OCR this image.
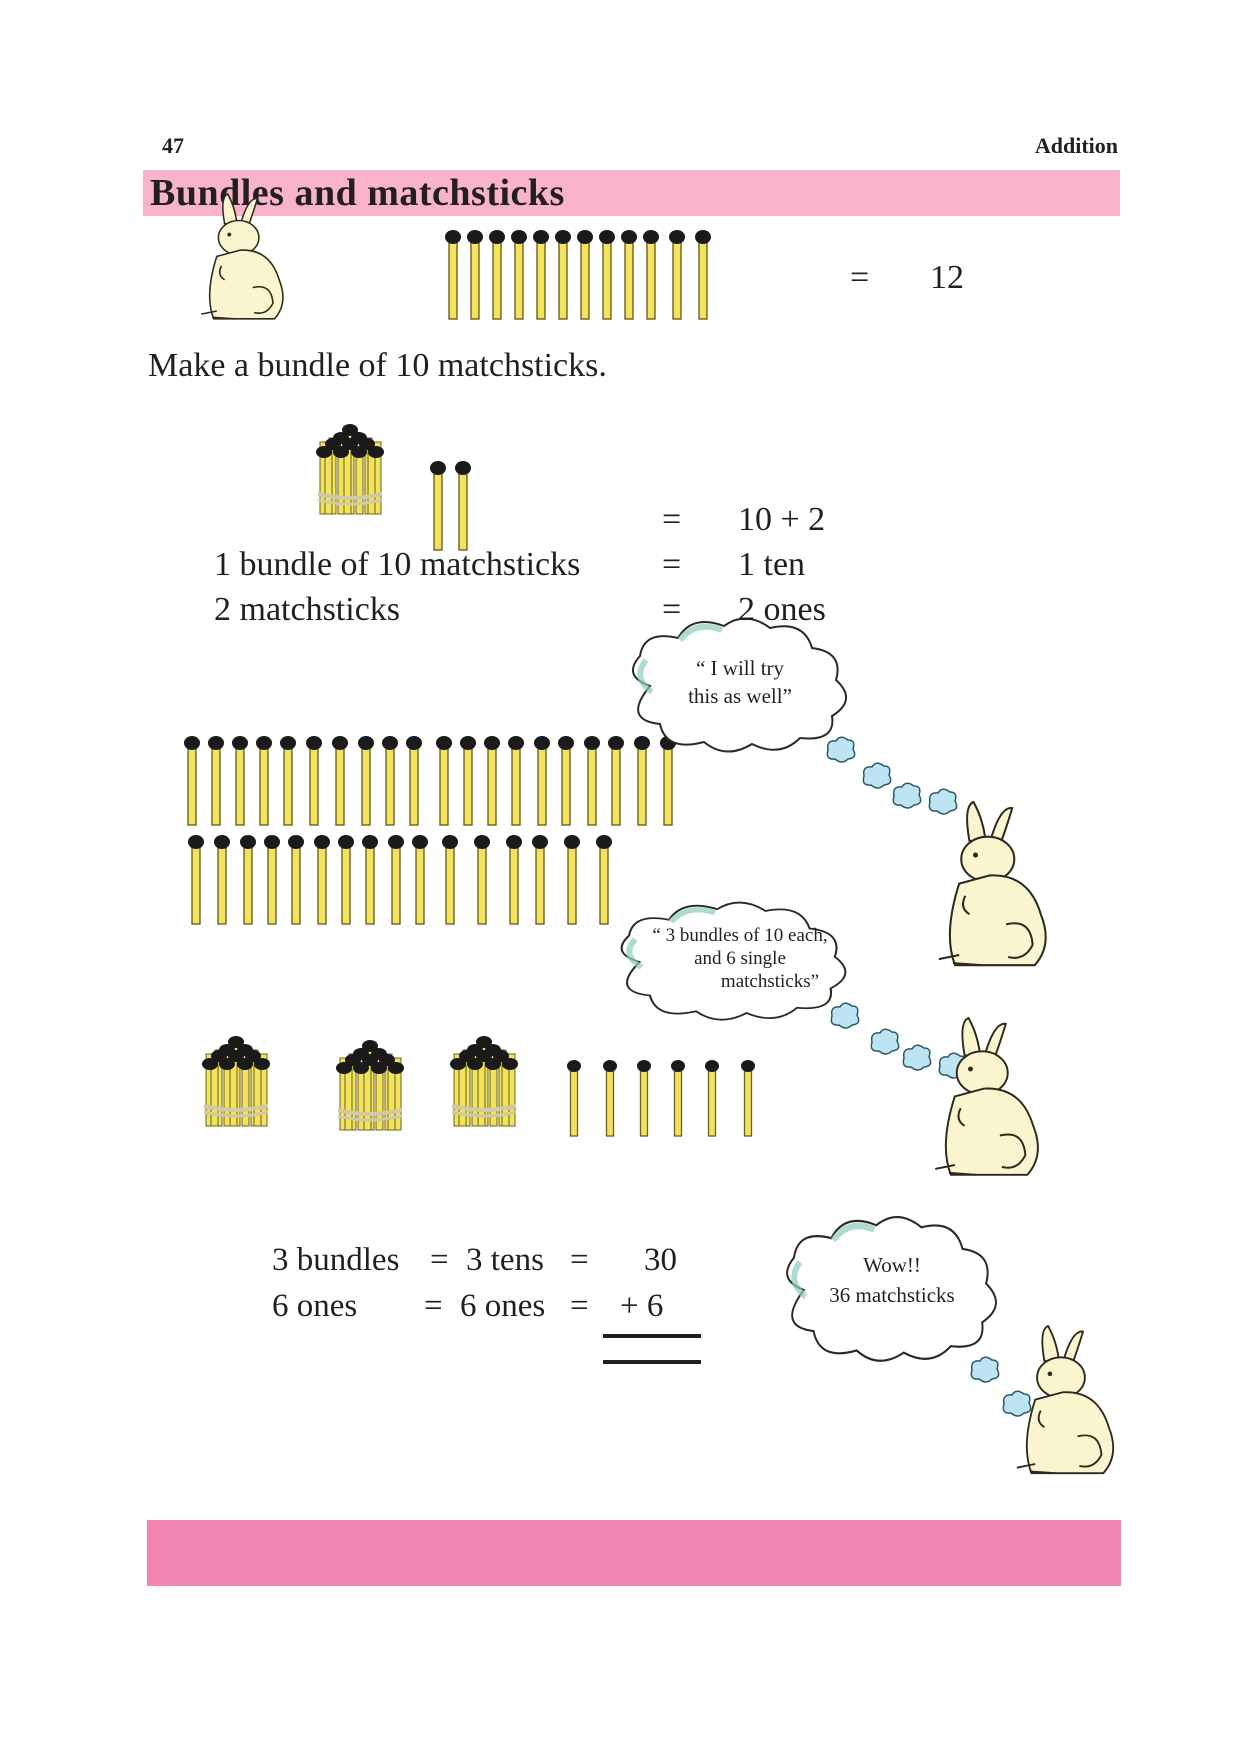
47	Addition
Bundles and matchsticks
= 12
Make a bundle of 10 matchsticks.
= 10 + 2
1 bundle of 10 matchsticks = 1 ten
2 matchsticks	= 2 ones
“ I will try
this as well”
“ 3 bundles of 10 each,
and 6 single
matchsticks”
Wow!!
36 matchsticks
3 bundles = 3 tens = 30
6 ones = 6 ones = + 6
